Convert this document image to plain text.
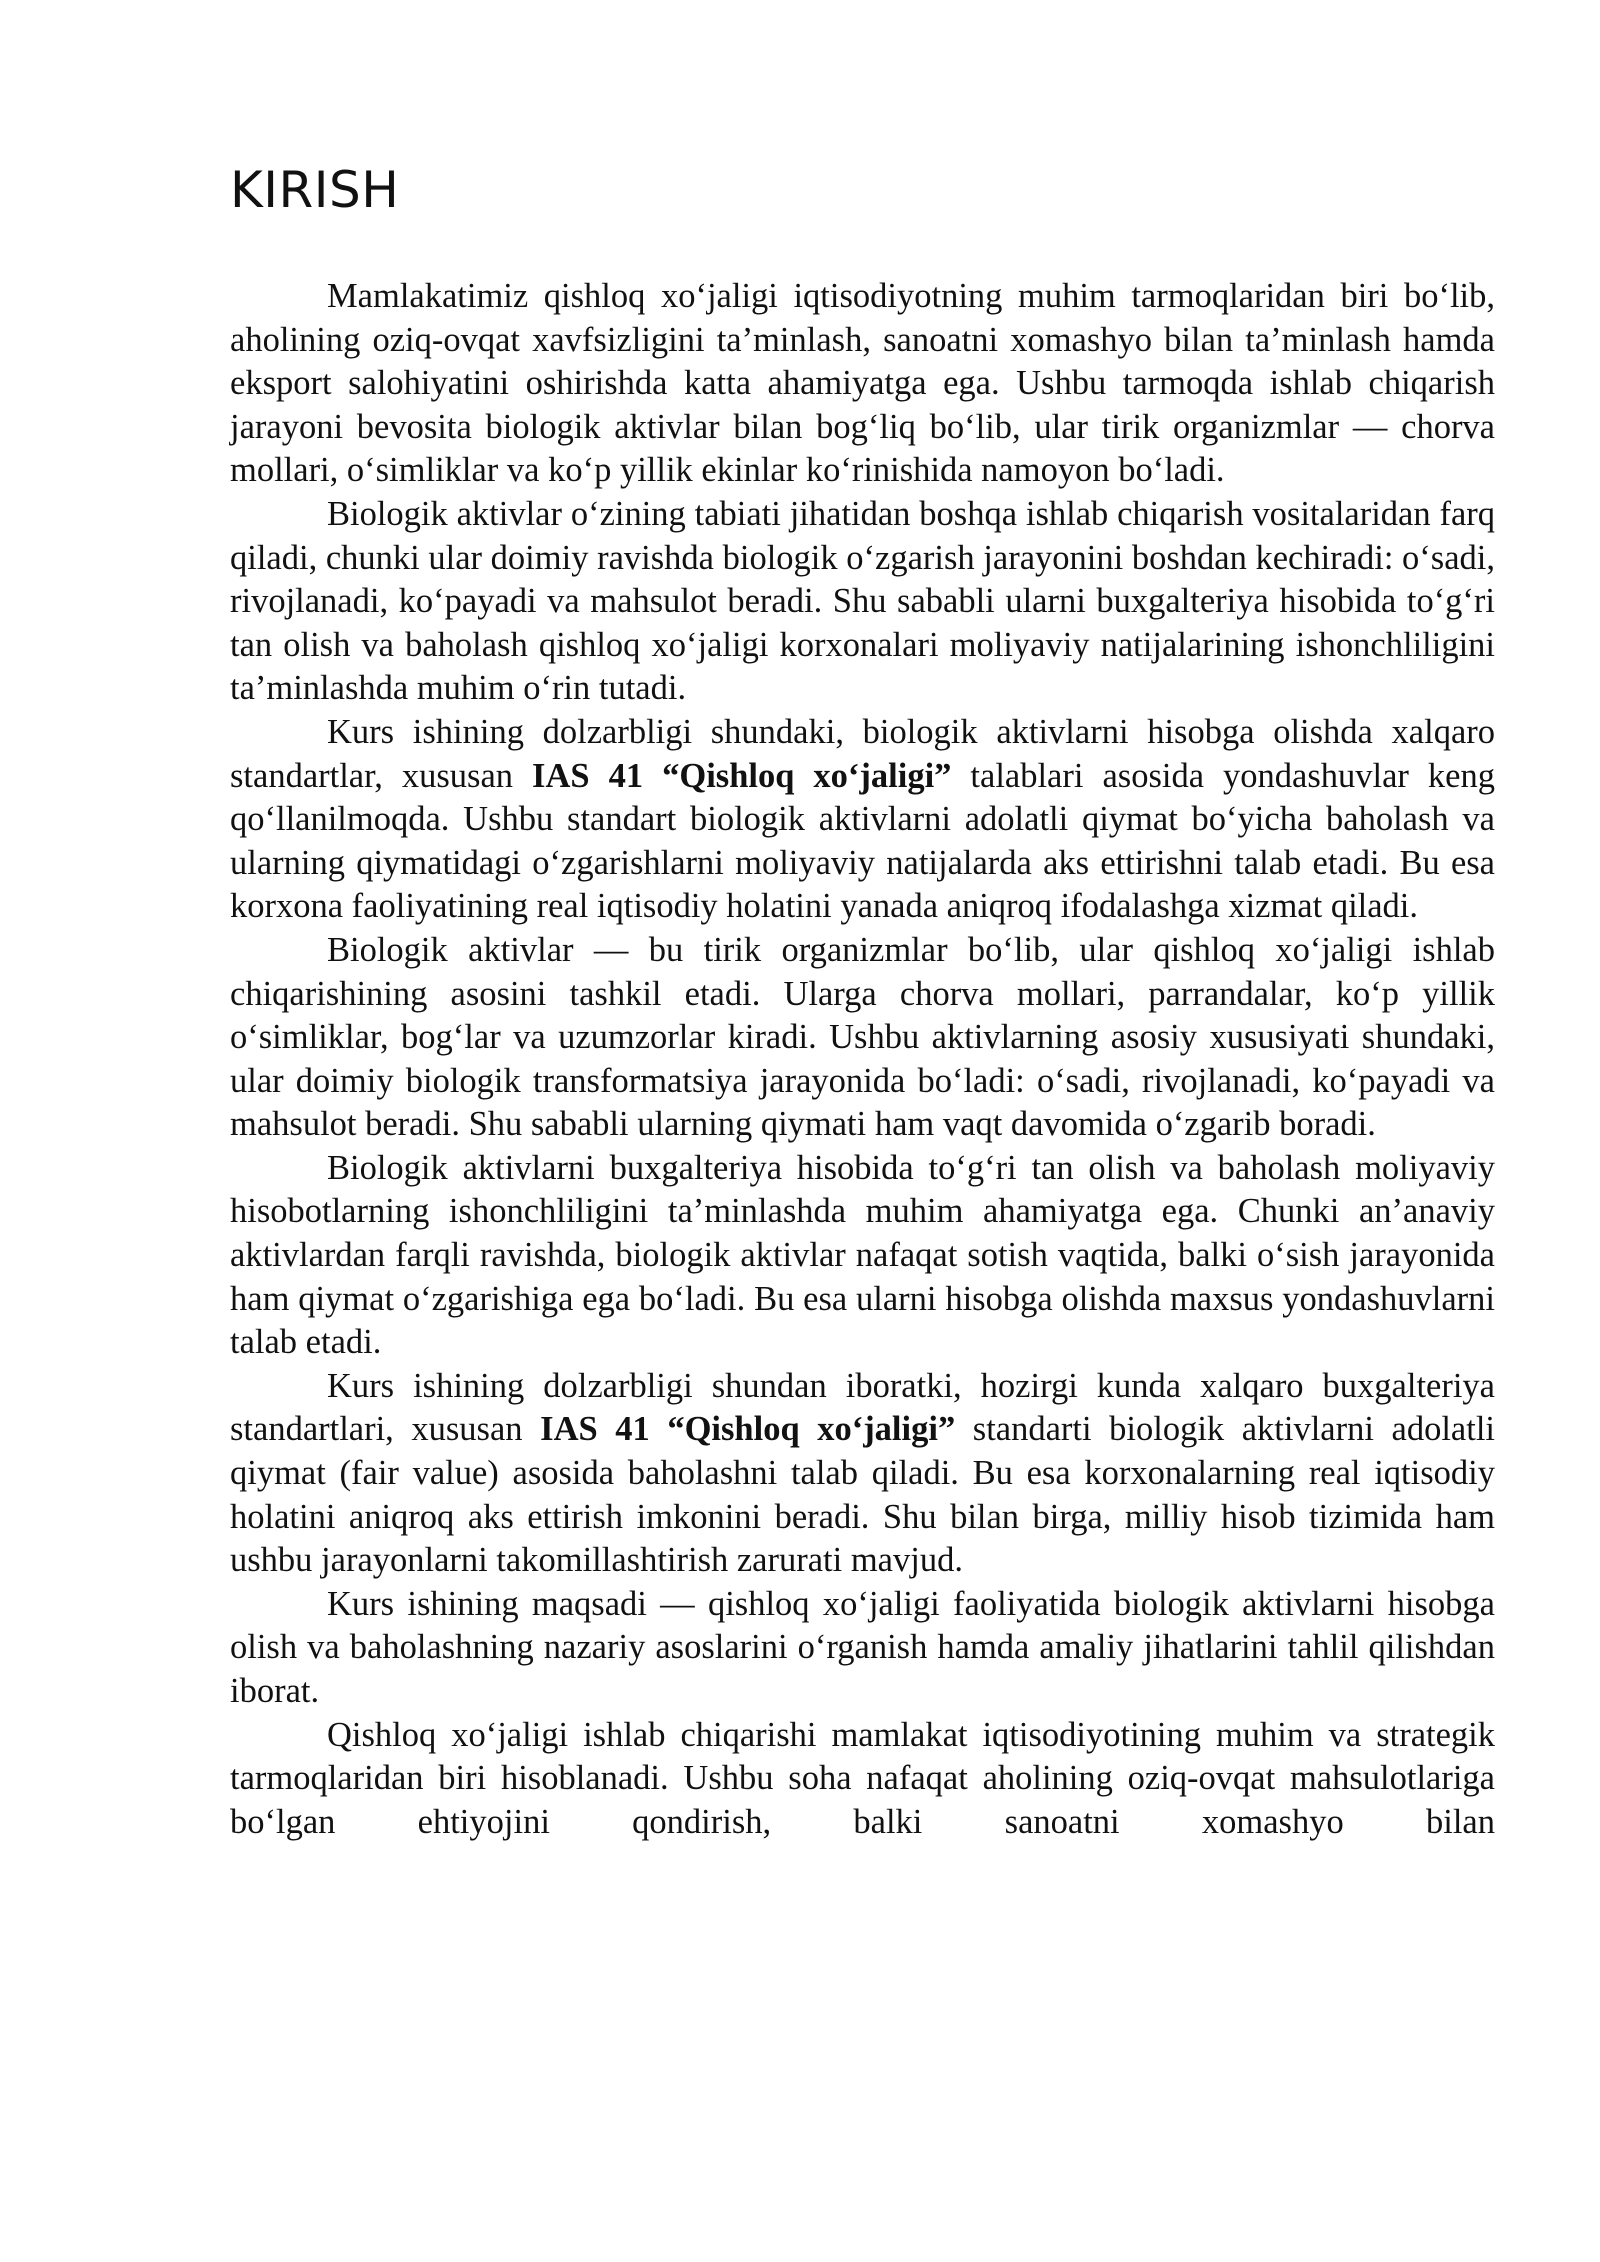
KIRISH

Mamlakatimiz qishloq xo‘jaligi iqtisodiyotning muhim tarmoqlaridan biri bo‘lib, aholining oziq-ovqat xavfsizligini ta’minlash, sanoatni xomashyo bilan ta’minlash hamda eksport salohiyatini oshirishda katta ahamiyatga ega. Ushbu tarmoqda ishlab chiqarish jarayoni bevosita biologik aktivlar bilan bog‘liq bo‘lib, ular tirik organizmlar — chorva mollari, o‘simliklar va ko‘p yillik ekinlar ko‘rinishida namoyon bo‘ladi.

Biologik aktivlar o‘zining tabiati jihatidan boshqa ishlab chiqarish vositalaridan farq qiladi, chunki ular doimiy ravishda biologik o‘zgarish jarayonini boshdan kechiradi: o‘sadi, rivojlanadi, ko‘payadi va mahsulot beradi. Shu sababli ularni buxgalteriya hisobida to‘g‘ri tan olish va baholash qishloq xo‘jaligi korxonalari moliyaviy natijalarining ishonchliligini ta’minlashda muhim o‘rin tutadi.

Kurs ishining dolzarbligi shundaki, biologik aktivlarni hisobga olishda xalqaro standartlar, xususan IAS 41 “Qishloq xo‘jaligi” talablari asosida yondashuvlar keng qo‘llanilmoqda. Ushbu standart biologik aktivlarni adolatli qiymat bo‘yicha baholash va ularning qiymatidagi o‘zgarishlarni moliyaviy natijalarda aks ettirishni talab etadi. Bu esa korxona faoliyatining real iqtisodiy holatini yanada aniqroq ifodalashga xizmat qiladi.

Biologik aktivlar — bu tirik organizmlar bo‘lib, ular qishloq xo‘jaligi ishlab chiqarishining asosini tashkil etadi. Ularga chorva mollari, parrandalar, ko‘p yillik o‘simliklar, bog‘lar va uzumzorlar kiradi. Ushbu aktivlarning asosiy xususiyati shundaki, ular doimiy biologik transformatsiya jarayonida bo‘ladi: o‘sadi, rivojlanadi, ko‘payadi va mahsulot beradi. Shu sababli ularning qiymati ham vaqt davomida o‘zgarib boradi.

Biologik aktivlarni buxgalteriya hisobida to‘g‘ri tan olish va baholash moliyaviy hisobotlarning ishonchliligini ta’minlashda muhim ahamiyatga ega. Chunki an’anaviy aktivlardan farqli ravishda, biologik aktivlar nafaqat sotish vaqtida, balki o‘sish jarayonida ham qiymat o‘zgarishiga ega bo‘ladi. Bu esa ularni hisobga olishda maxsus yondashuvlarni talab etadi.

Kurs ishining dolzarbligi shundan iboratki, hozirgi kunda xalqaro buxgalteriya standartlari, xususan IAS 41 “Qishloq xo‘jaligi” standarti biologik aktivlarni adolatli qiymat (fair value) asosida baholashni talab qiladi. Bu esa korxonalarning real iqtisodiy holatini aniqroq aks ettirish imkonini beradi. Shu bilan birga, milliy hisob tizimida ham ushbu jarayonlarni takomillashtirish zarurati mavjud.

Kurs ishining maqsadi — qishloq xo‘jaligi faoliyatida biologik aktivlarni hisobga olish va baholashning nazariy asoslarini o‘rganish hamda amaliy jihatlarini tahlil qilishdan iborat.

Qishloq xo‘jaligi ishlab chiqarishi mamlakat iqtisodiyotining muhim va strategik tarmoqlaridan biri hisoblanadi. Ushbu soha nafaqat aholining oziq-ovqat mahsulotlariga bo‘lgan ehtiyojini qondirish, balki sanoatni xomashyo bilan
